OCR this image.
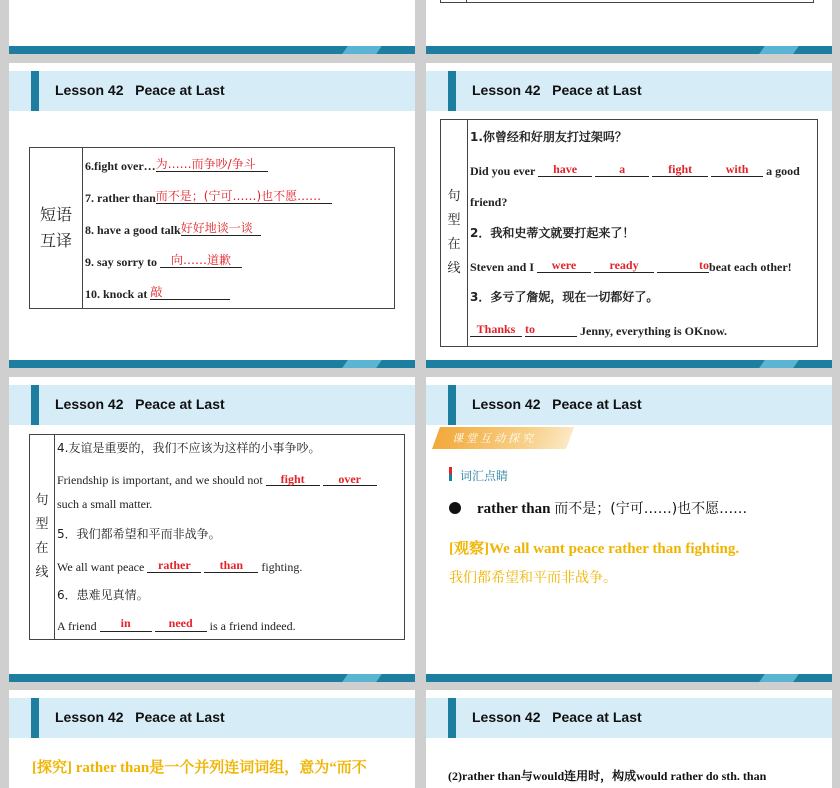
Lesson 42   Peace at Last
短语
互译

6.fight over… 为……而争吵/争斗
7. rather than 而不是；(宁可……)也不愿……
8. have a good talk 好好地谈一谈
9. say sorry to	向……道歉
10. knock at 敲
Lesson 42   Peace at Last
句
型
在
线

1.你曾经和好朋友打过架吗？
Did you ever	have
	a
	fight
	with	a good
friend?
2．我和史蒂文就要打起来了！
Steven and I	were
	ready
	to beat each other!
3．多亏了詹妮，现在一切都好了。
Thanks
to	Jenny, everything is OKnow.
Lesson 42   Peace at Last
句
型
在
线

4.友谊是重要的，我们不应该为这样的小事争吵。
Friendship is important, and we should not	fight
	over
such a small matter.
5．我们都希望和平而非战争。
We all want peace	rather
	than	fighting.
6．患难见真情。
A friend	in
	need	is a friend indeed.
Lesson 42   Peace at Last
课堂互动探究
词汇点睛
rather than 而不是；(宁可……)也不愿……
[观察]We all want peace rather than fighting.
我们都希望和平而非战争。
Lesson 42   Peace at Last
[探究] rather than是一个并列连词词组，意为“而不
Lesson 42   Peace at Last
(2)rather than与would连用时，构成would rather do sth. than
